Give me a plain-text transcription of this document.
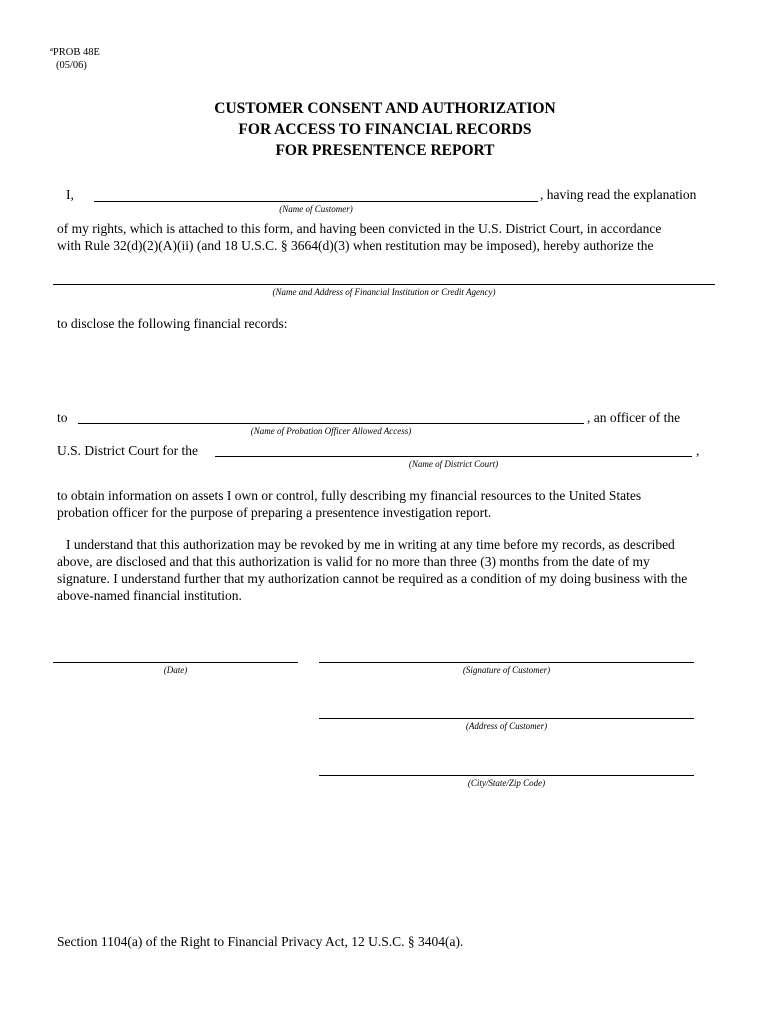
ªPROB 48E
(05/06)
CUSTOMER CONSENT AND AUTHORIZATION
FOR ACCESS TO FINANCIAL RECORDS
FOR PRESENTENCE REPORT
I,	, having read the explanation
(Name of Customer)
of my rights, which is attached to this form, and having been convicted in the U.S. District Court, in accordance
with Rule 32(d)(2)(A)(ii) (and 18 U.S.C. § 3664(d)(3) when restitution may be imposed), hereby authorize the
(Name and Address of Financial Institution or Credit Agency)
to disclose the following financial records:
to	, an officer of the
(Name of Probation Officer Allowed Access)
U.S. District Court for the	,
(Name of District Court)
to obtain information on assets I own or control, fully describing my financial resources to the United States
probation officer for the purpose of preparing a presentence investigation report.
I understand that this authorization may be revoked by me in writing at any time before my records, as described
above, are disclosed and that this authorization is valid for no more than three (3) months from the date of my
signature. I understand further that my authorization cannot be required as a condition of my doing business with the
above-named financial institution.
(Date)	(Signature of Customer)
(Address of Customer)
(City/State/Zip Code)
Section 1104(a) of the Right to Financial Privacy Act, 12 U.S.C. § 3404(a).
